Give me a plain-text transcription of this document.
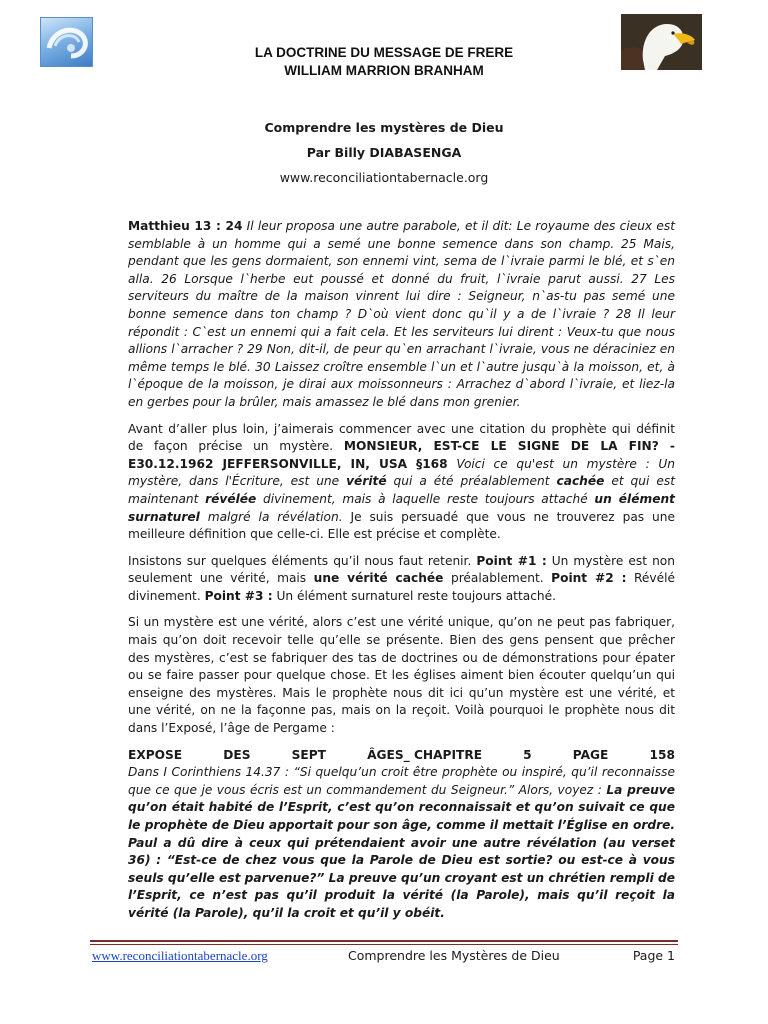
LA DOCTRINE DU MESSAGE DE FRERE
WILLIAM MARRION BRANHAM
Comprendre les mystères de Dieu
Par Billy DIABASENGA
www.reconciliationtabernacle.org

Matthieu 13 : 24 Il leur proposa une autre parabole, et il dit: Le royaume des cieux est semblable à un homme qui a semé une bonne semence dans son champ. 25 Mais, pendant que les gens dormaient, son ennemi vint, sema de l`ivraie parmi le blé, et s`en alla. 26 Lorsque l`herbe eut poussé et donné du fruit, l`ivraie parut aussi. 27 Les serviteurs du maître de la maison vinrent lui dire : Seigneur, n`as-tu pas semé une bonne semence dans ton champ ? D`où vient donc qu`il y a de l`ivraie ? 28 Il leur répondit : C`est un ennemi qui a fait cela. Et les serviteurs lui dirent : Veux-tu que nous allions l`arracher ? 29 Non, dit-il, de peur qu`en arrachant l`ivraie, vous ne déraciniez en même temps le blé. 30 Laissez croître ensemble l`un et l`autre jusqu`à la moisson, et, à l`époque de la moisson, je dirai aux moissonneurs : Arrachez d`abord l`ivraie, et liez-la en gerbes pour la brûler, mais amassez le blé dans mon grenier.

Avant d’aller plus loin, j’aimerais commencer avec une citation du prophète qui définit de façon précise un mystère. MONSIEUR, EST-CE LE SIGNE DE LA FIN? - E30.12.1962 JEFFERSONVILLE, IN, USA §168 Voici ce qu'est un mystère : Un mystère, dans l'Écriture, est une vérité qui a été préalablement cachée et qui est maintenant révélée divinement, mais à laquelle reste toujours attaché un élément surnaturel malgré la révélation. Je suis persuadé que vous ne trouverez pas une meilleure définition que celle-ci. Elle est précise et complète.

Insistons sur quelques éléments qu’il nous faut retenir. Point #1 : Un mystère est non seulement une vérité, mais une vérité cachée préalablement. Point #2 : Révélé divinement. Point #3 : Un élément surnaturel reste toujours attaché.

Si un mystère est une vérité, alors c’est une vérité unique, qu’on ne peut pas fabriquer, mais qu’on doit recevoir telle qu’elle se présente. Bien des gens pensent que prêcher des mystères, c’est se fabriquer des tas de doctrines ou de démonstrations pour épater ou se faire passer pour quelque chose. Et les églises aiment bien écouter quelqu’un qui enseigne des mystères. Mais le prophète nous dit ici qu’un mystère est une vérité, et une vérité, on ne la façonne pas, mais on la reçoit. Voilà pourquoi le prophète nous dit dans l’Exposé, l’âge de Pergame :

EXPOSE	DES	SEPT	ÂGES_ CHAPITRE	5	PAGE	158
Dans I Corinthiens 14.37 : “Si quelqu’un croit être prophète ou inspiré, qu’il reconnaisse que ce que je vous écris est un commandement du Seigneur.” Alors, voyez : La preuve qu’on était habité de l’Esprit, c’est qu’on reconnaissait et qu’on suivait ce que le prophète de Dieu apportait pour son âge, comme il mettait l’Église en ordre. Paul a dû dire à ceux qui prétendaient avoir une autre révélation (au verset 36) : “Est-ce de chez vous que la Parole de Dieu est sortie? ou est-ce à vous seuls qu’elle est parvenue?” La preuve qu’un croyant est un chrétien rempli de l’Esprit, ce n’est pas qu’il produit la vérité (la Parole), mais qu’il reçoit la vérité (la Parole), qu’il la croit et qu’il y obéit.
www.reconciliationtabernacle.org	Comprendre les Mystères de Dieu	Page 1
